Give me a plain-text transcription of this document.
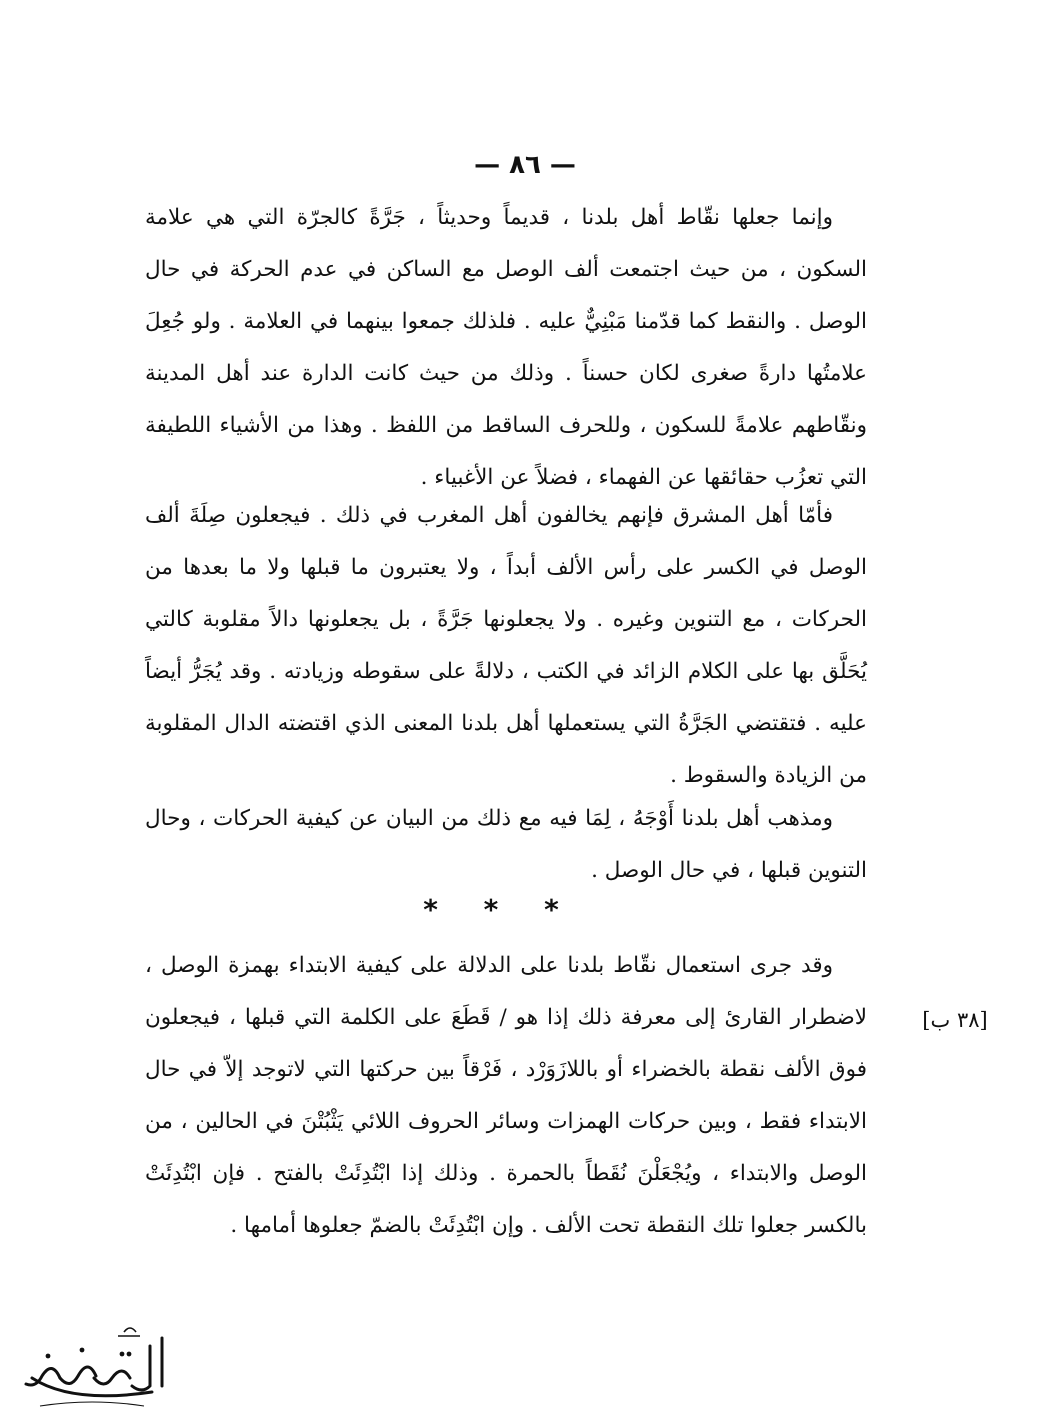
— ٨٦ —

وإنما جعلها نقّاط أهل بلدنا ، قديماً وحديثاً ، جَرَّةً كالجرّة التي هي علامة السكون ، من حيث اجتمعت ألف الوصل مع الساكن في عدم الحركة في حال الوصل . والنقط كما قدّمنا مَبْنِيٌّ عليه . فلذلك جمعوا بينهما في العلامة . ولو جُعِلَ علامتُها دارةً صغرى لكان حسناً . وذلك من حيث كانت الدارة عند أهل المدينة ونقّاطهم علامةً للسكون ، وللحرف الساقط من اللفظ . وهذا من الأشياء اللطيفة التي تعزُب حقائقها عن الفهماء ، فضلاً عن الأغبياء .

فأمّا أهل المشرق فإنهم يخالفون أهل المغرب في ذلك . فيجعلون صِلَةَ ألف الوصل في الكسر على رأس الألف أبداً ، ولا يعتبرون ما قبلها ولا ما بعدها من الحركات ، مع التنوين وغيره . ولا يجعلونها جَرَّةً ، بل يجعلونها دالاً مقلوبة كالتي يُحَلَّق بها على الكلام الزائد في الكتب ، دلالةً على سقوطه وزيادته . وقد يُجَرُّ أيضاً عليه . فتقتضي الجَرَّةُ التي يستعملها أهل بلدنا المعنى الذي اقتضته الدال المقلوبة من الزيادة والسقوط .

ومذهب أهل بلدنا أَوْجَهُ ، لِمَا فيه مع ذلك من البيان عن كيفية الحركات ، وحال التنوين قبلها ، في حال الوصل .

* * *

وقد جرى استعمال نقّاط بلدنا على الدلالة على كيفية الابتداء بهمزة الوصل ، لاضطرار القارئ إلى معرفة ذلك إذا هو / قَطَعَ على الكلمة التي قبلها ، فيجعلون فوق الألف نقطة بالخضراء أو باللازَوَرْد ، فَرْقاً بين حركتها التي لاتوجد إلاّ في حال الابتداء فقط ، وبين حركات الهمزات وسائر الحروف اللائي يَثْبُتْنَ في الحالين ، من الوصل والابتداء ، ويُجْعَلْنَ نُقَطاً بالحمرة . وذلك إذا ابْتُدِئَتْ بالفتح . فإن ابْتُدِئَتْ بالكسر جعلوا تلك النقطة تحت الألف . وإن ابْتُدِئَتْ بالضمّ جعلوها أمامها .

[٣٨ ب]
